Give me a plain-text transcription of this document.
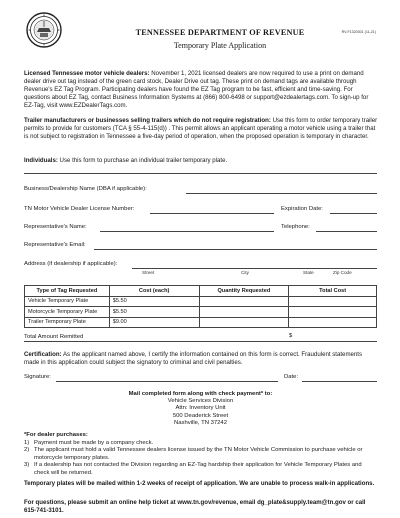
TENNESSEE DEPARTMENT OF REVENUE
Temporary Plate Application
RV-F1320301 (11-21)
Licensed Tennessee motor vehicle dealers: November 1, 2021 licensed dealers are now required to use a print on demand dealer drive out tag instead of the green card stock, Dealer Drive out tag. These print on demand tags are available through Revenue's EZ Tag Program. Participating dealers have found the EZ Tag program to be fast, efficient and time-saving. For questions about EZ Tag, contact Business Information Systems at (866) 800-6498 or support@ezdealertags.com. To sign-up for EZ-Tag, visit www.EZDealerTags.com.
Trailer manufacturers or businesses selling trailers which do not require registration: Use this form to order temporary trailer permits to provide for customers (TCA § 55-4-115(d)) . This permit allows an applicant operating a motor vehicle using a trailer that is not subject to registration in Tennessee a five-day period of operation, when the proposed operation is temporary in character.
Individuals: Use this form to purchase an individual trailer temporary plate.
Business/Dealership Name (DBA if applicable):
TN Motor Vehicle Dealer License Number:	Expiration Date:
Representative's Name:	Telephone:
Representative's Email:
Address (if dealership if applicable):
Street	City	State	Zip Code
Type of Tag Requested	Cost (each)	Quantity Requested	Total Cost
Vehicle Temporary Plate	$5.50		
Motorcycle Temporary Plate	$5.50		
Trailer Temporary Plate	$9.00		
Total Amount Remitted	$
Certification: As the applicant named above, I certify the information contained on this form is correct. Fraudulent statements made in this application could subject the signatory to criminal and civil penalties.
Signature:	Date:
Mail completed form along with check payment* to:
Vehicle Services Division
Attn: Inventory Unit
500 Deaderick Street
Nashville, TN 37242
*For dealer purchases:
1) Payment must be made by a company check.
2) The applicant must hold a valid Tennessee dealers license issued by the TN Motor Vehicle Commission to purchase vehicle or motorcycle temporary plates.
3) If a dealership has not contacted the Division regarding an EZ-Tag hardship their application for Vehicle Temporary Plates and check will be returned.
Temporary plates will be mailed within 1-2 weeks of receipt of application. We are unable to process walk-in applications.
For questions, please submit an online help ticket at www.tn.gov/revenue, email dg_plate&supply.team@tn.gov or call 615-741-3101.
